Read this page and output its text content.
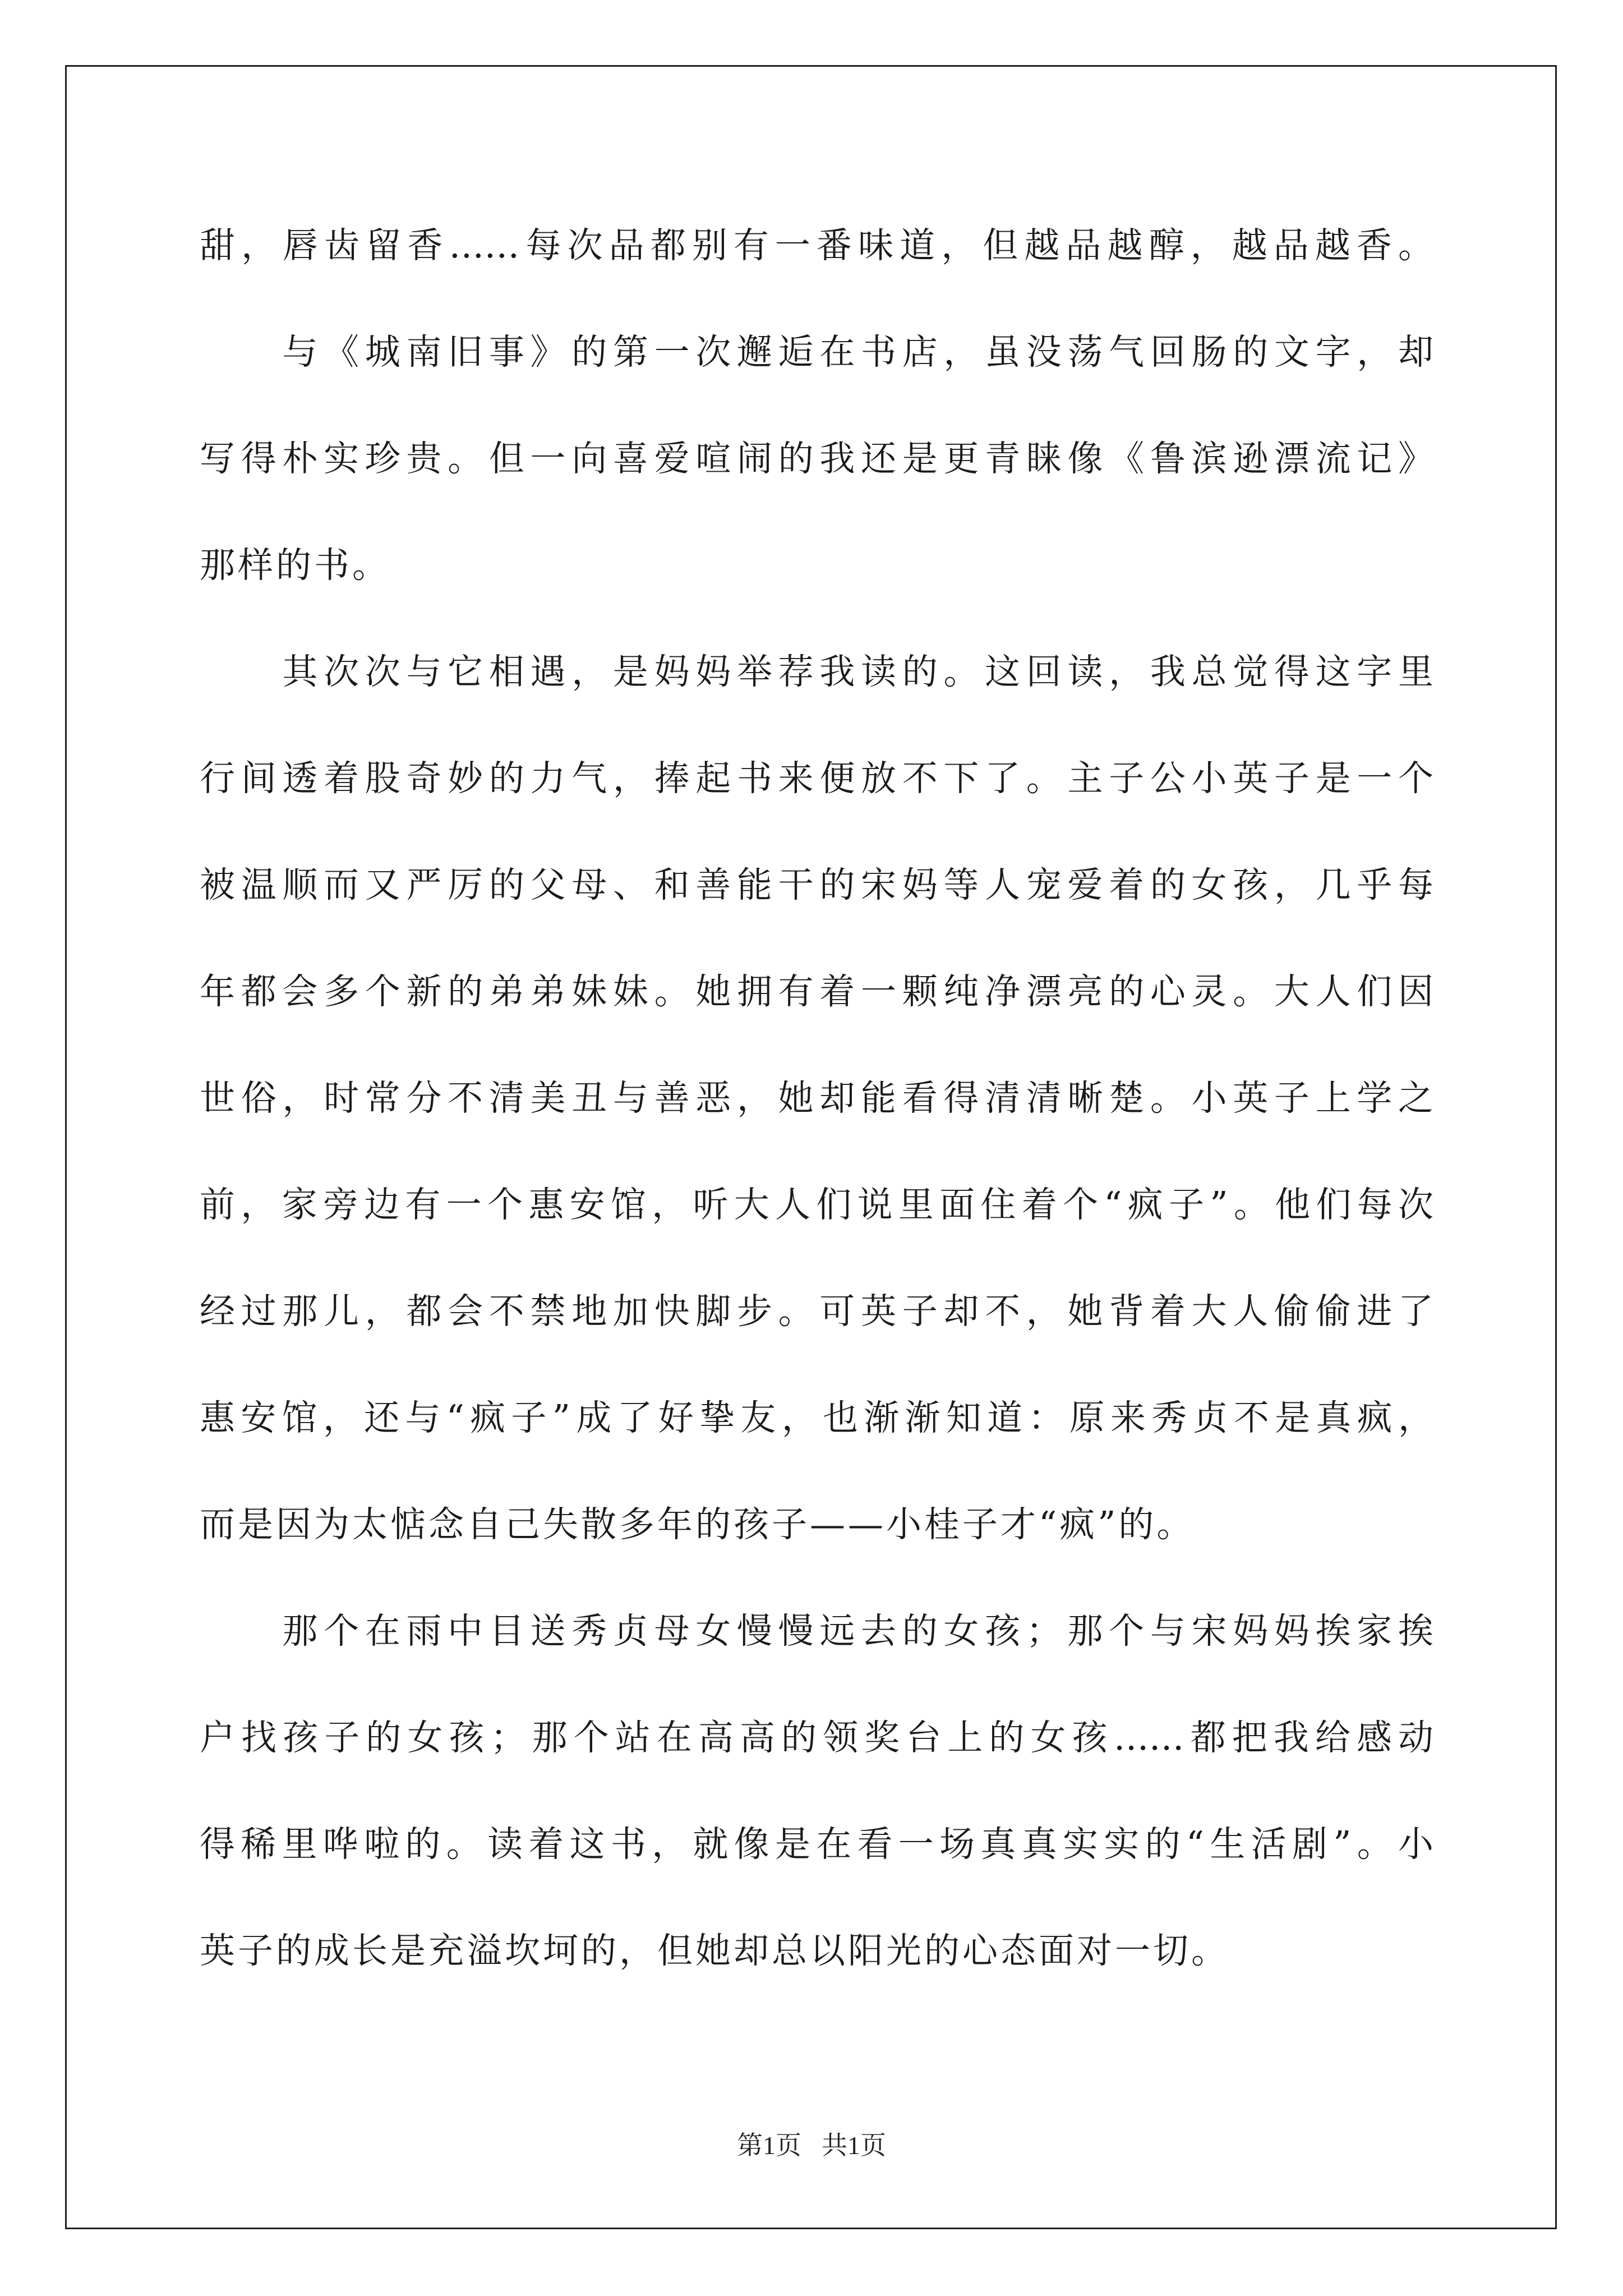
甜，唇齿留香……每次品都别有一番味道，但越品越醇，越品越香。
　　与《城南旧事》的第一次邂逅在书店，虽没荡气回肠的文字，却
写得朴实珍贵。但一向喜爱喧闹的我还是更青睐像《鲁滨逊漂流记》
那样的书。
　　其次次与它相遇，是妈妈举荐我读的。这回读，我总觉得这字里
行间透着股奇妙的力气，捧起书来便放不下了。主子公小英子是一个
被温顺而又严厉的父母、和善能干的宋妈等人宠爱着的女孩，几乎每
年都会多个新的弟弟妹妹。她拥有着一颗纯净漂亮的心灵。大人们因
世俗，时常分不清美丑与善恶，她却能看得清清晰楚。小英子上学之
前，家旁边有一个惠安馆，听大人们说里面住着个“疯子”。他们每次
经过那儿，都会不禁地加快脚步。可英子却不，她背着大人偷偷进了
惠安馆，还与“疯子”成了好挚友，也渐渐知道：原来秀贞不是真疯，
而是因为太惦念自己失散多年的孩子——小桂子才“疯”的。
　　那个在雨中目送秀贞母女慢慢远去的女孩；那个与宋妈妈挨家挨
户找孩子的女孩；那个站在高高的领奖台上的女孩……都把我给感动
得稀里哗啦的。读着这书，就像是在看一场真真实实的“生活剧”。小
英子的成长是充溢坎坷的，但她却总以阳光的心态面对一切。
第1页 共1页
